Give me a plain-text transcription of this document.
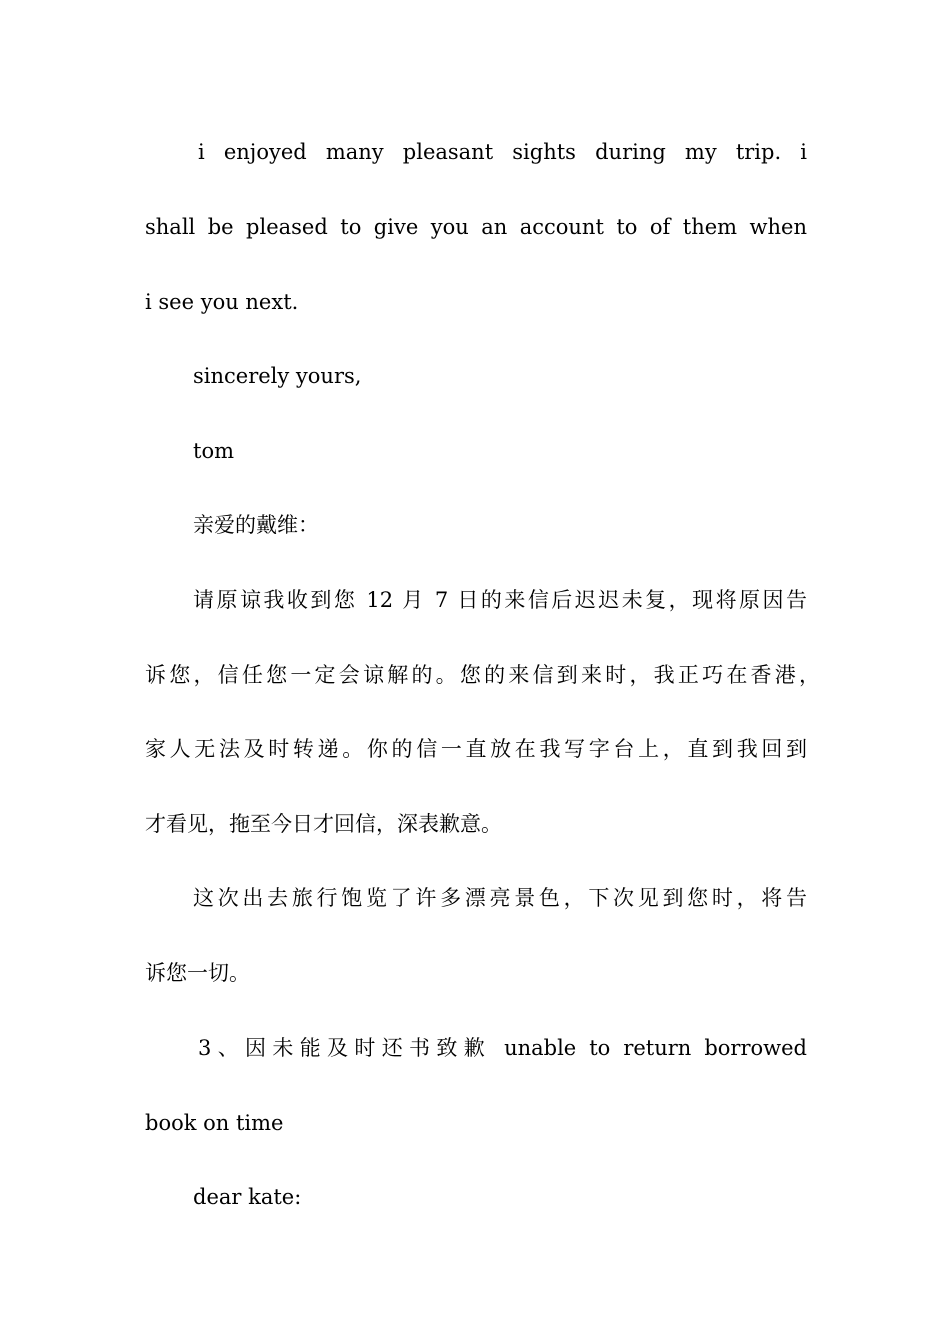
i enjoyed many pleasant sights during my trip. i
shall be pleased to give you an account to of them when
i see you next.
sincerely yours,
tom
亲爱的戴维：
请原谅我收到您 12 月 7 日的来信后迟迟未复，现将原因告
诉您，信任您一定会谅解的。您的来信到来时，我正巧在香港，
家人无法及时转递。你的信一直放在我写字台上，直到我回到
才看见，拖至今日才回信，深表歉意。
这次出去旅行饱览了许多漂亮景色，下次见到您时，将告
诉您一切。
3、因未能及时还书致歉 unable to return borrowed
book on time
dear kate:
